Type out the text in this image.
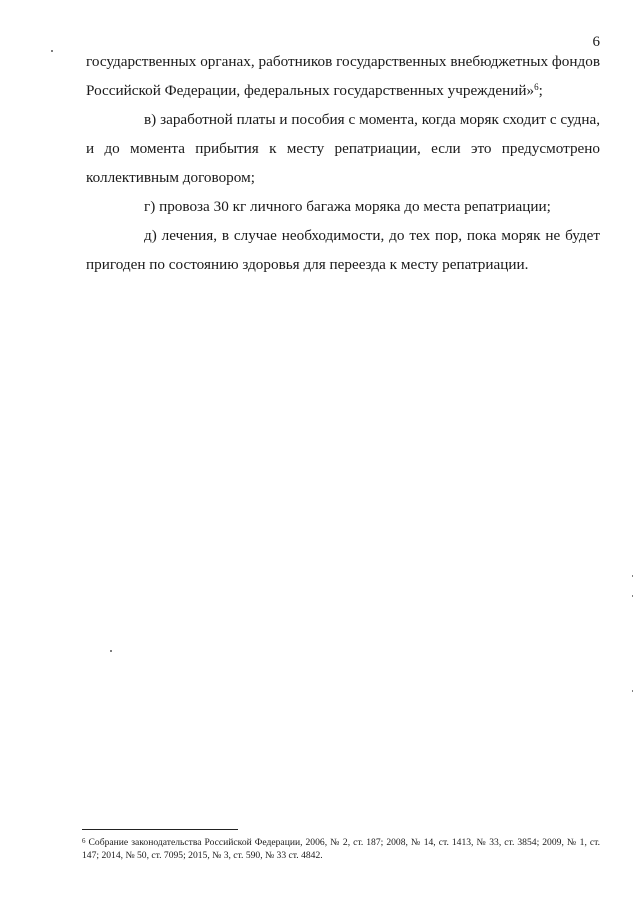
6

государственных органах, работников государственных внебюджетных фондов Российской Федерации, федеральных государственных учреждений»$^6$;

в) заработной платы и пособия с момента, когда моряк сходит с судна, и до момента прибытия к месту репатриации, если это предусмотрено коллективным договором;

г) провоза 30 кг личного багажа моряка до места репатриации;

д) лечения, в случае необходимости, до тех пор, пока моряк не будет пригоден по состоянию здоровья для переезда к месту репатриации.

$^6$ Собрание законодательства Российской Федерации, 2006, № 2, ст. 187; 2008, № 14, ст. 1413, № 33, ст. 3854; 2009, № 1, ст. 147; 2014, № 50, ст. 7095; 2015, № 3, ст. 590, № 33 ст. 4842.
